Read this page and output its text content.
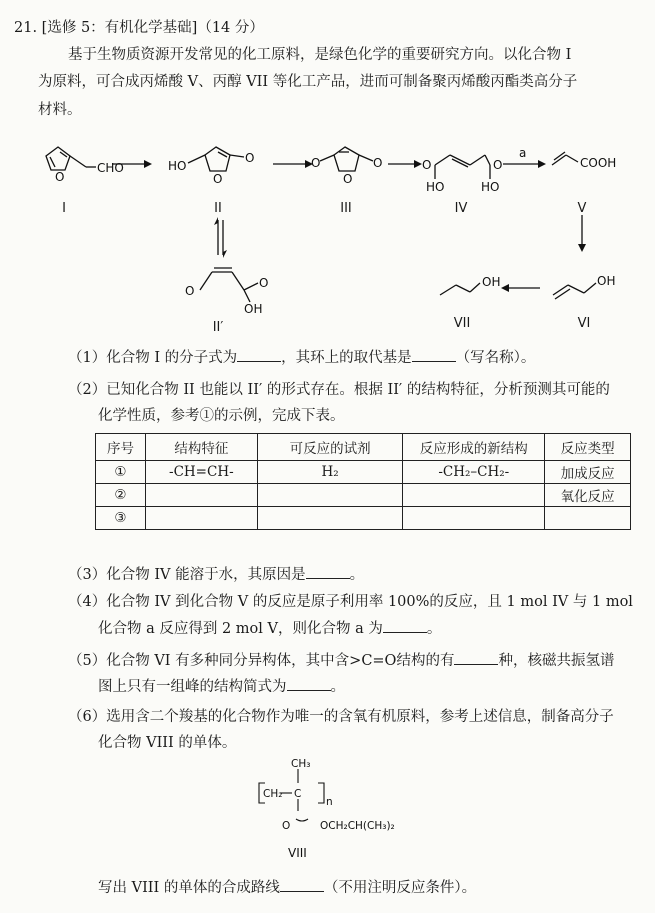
21. [选修 5：有机化学基础]（14 分）
基于生物质资源开发常见的化工原料，是绿色化学的重要研究方向。以化合物 I
为原料，可合成丙烯酸 V、丙醇 VII 等化工产品，进而可制备聚丙烯酸丙酯类高分子
材料。
O
CHO	HO
O
O	O
O
O	O
HO
O
HO
a
COOH
O
O
OH
OH
OH
I	II	III	IV	V
II′	VII	VI
（1）化合物 I 的分子式为	，其环上的取代基是	（写名称）。
（2）已知化合物 II 也能以 II′ 的形式存在。根据 II′ 的结构特征，分析预测其可能的
化学性质，参考①的示例，完成下表。
序号	结构特征	可反应的试剂	反应形成的新结构	反应类型
①	-CH=CH-	H₂	-CH₂–CH₂-	加成反应
②				氧化反应
③				
（3）化合物 IV 能溶于水，其原因是	。
（4）化合物 IV 到化合物 V 的反应是原子利用率 100%的反应，且 1 mol IV 与 1 mol
化合物 a 反应得到 2 mol V，则化合物 a 为	。
（5）化合物 VI 有多种同分异构体，其中含>C=O结构的有	种，核磁共振氢谱
图上只有一组峰的结构简式为	。
（6）选用含二个羧基的化合物作为唯一的含氧有机原料，参考上述信息，制备高分子
化合物 VIII 的单体。
CH₃
CH₂ C
n
O	OCH₂CH(CH₃)₂
VIII
写出 VIII 的单体的合成路线	（不用注明反应条件）。
